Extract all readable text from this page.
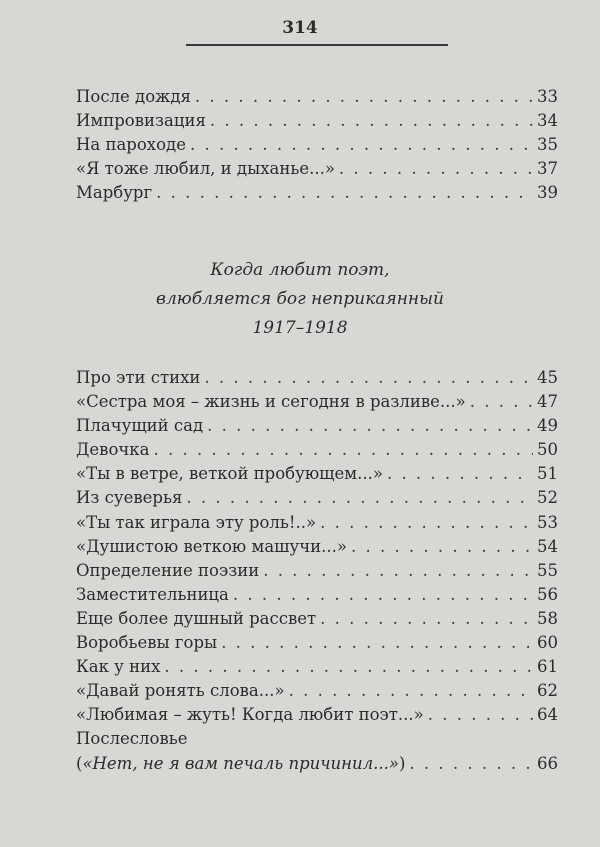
314
После дождя . . .	33
Импровизация . . .	34
На пароходе . . .	35
«Я тоже любил, и дыханье...» . . .	37
Марбург . . .	39
Когда любит поэт,
влюбляется бог неприкаянный
1917–1918
Про эти стихи . . .	45
«Сестра моя – жизнь и сегодня в разливе...» . . .	47
Плачущий сад . . .	49
Девочка . . .	50
«Ты в ветре, веткой пробующем...» . . .	51
Из суеверья . . .	52
«Ты так играла эту роль!..» . . .	53
«Душистою веткою машучи...» . . .	54
Определение поэзии . . .	55
Заместительница . . .	56
Еще более душный рассвет . . .	58
Воробьевы горы . . .	60
Как у них . . .	61
«Давай ронять слова...» . . .	62
«Любимая – жуть! Когда любит поэт...» . . .	64
Послесловье
(«Нет, не я вам печаль причинил...») . . .	66
